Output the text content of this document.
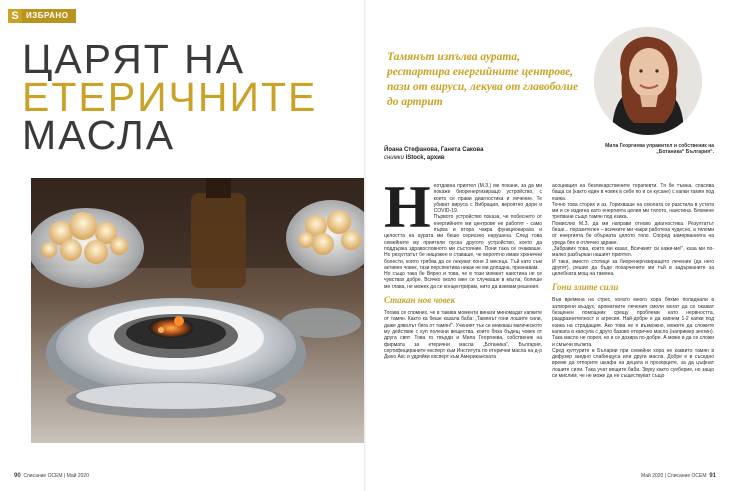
S ИЗБРАНО
ЦАРЯТ НА
ЕТЕРИЧНИТЕ
МАСЛА
90 Списание ОСЕМ | Май 2020
Тамянът изпълва аурата, рестартира енергийните центрове, пази от вируси, лекува от главоболие до артрит
Мила Георгиева управител и собственик на „Ботаника“ България“.
Йоана Стефанова, Ганета Сакова
снимки iStock, архив
Н еотдавна приятел (М.З.) ме покани, за да ми покаже биоренергизиращо устройство, с което се прави диагностика и лечение. Те убиват вируса с Вибрация, вероятно дори и COVID-19.

Първото устройство показа, че побеснето от енергийните ми центрове не работят - само първа и втора чакра функционираха и целостта на аурата ми беше сериозно нарушена. След това семейните му приятели пуска другото устройство, което да поддържа здравословното ми състояние. Пони така се очакваше. Но резултатът бе нищожен и ставаше, че вероятно имам хронични болести, които трябва да се лекуват поне 3 месеца. Тъй като съм активен човек, тази перспектива никак не ми допадна, признавам.

Но също така бе Вярно и това, че в този момент наистина не се чувствах добре. Всичко около мен се случваше в мъгла, болеше ме глава, не можех да се концентрирам, нито да вземам решения.

Стакан нов човек

Тогава се спомних, че в такива моменти винаги миномадат капките от тамян. Както ка беше казала баба: „Тамянът гони лошите сили, даже дяволът бяга от тамян!“. Ученият тък се вникваш магическото му действие с куп полезни вещества, които бяха бъдещ човек от друга свят. Това го твърди и Мила Георгиева, собственик на фирмата за етерични масла „Ботаника“, България, сертифицираните експерт към Института по етерични масла на д-р Дюко Акс и удряйки експерт към Американската

асоциация на безлекарствените терапевти. Тя бе тъмна, спасява баща си (както един в човек в себе по и се кусане) с капки тамян под езика.

Точно това сторих и аз. Горихваше на смолата се разстила в устата ми и се издигна като енергията целия ми тялото, наистина. Бяхмене трепвани също тамян под езика.

Помислих М.З. да ми направи отново диагностика. Резултатът беше... поразителен – всичките ми чакри работеха чудесно, а телеми от енергията бе обърната цялото тяло. Според замерванията на уреда бях в отлично здраве.

„Забравих това, които ми казах, Всичкият си кажи-ме!“, каза ми по-малко разбъркан нашият приятел.

И така, вместо стотици за биоренергизиращото лечение (да него другят), реших да бъде похарчените ми тъй в задържаните за целебната мощ на тамяна.

Гони злите сили

Във времена на стрес, когато много хора бяхме попаднали в затворени въздух, ароматните лечения смоли могат да се окажат безценен помощник срещу проблеми като нервността, раздразнителност и агресия. Най-добре е да капнем 1-2 капки под езика на страдащия. Ако това не е възможно, можете да сложите капката в капсула с друго базово етерично масло (например зехтин). Така масло не лорея, но и се дозира по-добре. А може и да се сложи и смъкчи вължта.

Сред културите в Бъларии при семейни хора не каквито тамян в дифузер заедно слабиндуса или други масла. Добре е в съседно време да отпорите шкафа на децата и прозорците, за да цъфнат лошите сили. Така учат вещите баби. Звуку както суеберие, но защо си мислим, че не може да не съществуват също

Май 2020 | Списание ОСЕМ 91
